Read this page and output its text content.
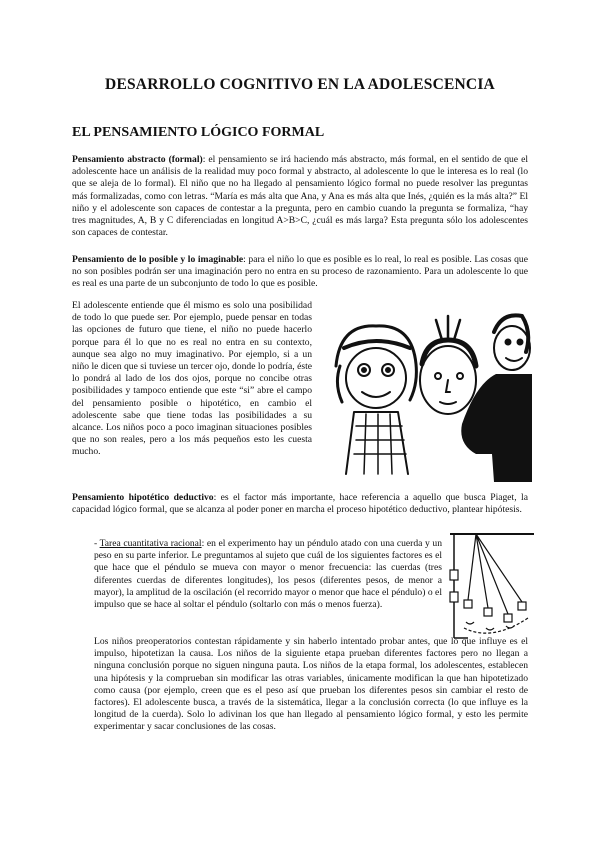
DESARROLLO COGNITIVO EN LA ADOLESCENCIA
EL PENSAMIENTO LÓGICO FORMAL

Pensamiento abstracto (formal): el pensamiento se irá haciendo más abstracto, más formal, en el sentido de que el adolescente hace un análisis de la realidad muy poco formal y abstracto, al adolescente lo que le interesa es lo real (lo que se aleja de lo formal). El niño que no ha llegado al pensamiento lógico formal no puede resolver las preguntas más formalizadas, como con letras. “María es más alta que Ana, y Ana es más alta que Inés, ¿quién es la más alta?” El niño y el adolescente son capaces de contestar a la pregunta, pero en cambio cuando la pregunta se formaliza, “hay tres magnitudes, A, B y C diferenciadas en longitud A>B>C, ¿cuál es más larga? Esta pregunta sólo los adolescentes son capaces de contestar.

Pensamiento de lo posible y lo imaginable: para el niño lo que es posible es lo real, lo real es posible. Las cosas que no son posibles podrán ser una imaginación pero no entra en su proceso de razonamiento. Para un adolescente lo que es real es una parte de un subconjunto de todo lo que es posible.

El adolescente entiende que él mismo es solo una posibilidad de todo lo que puede ser. Por ejemplo, puede pensar en todas las opciones de futuro que tiene, el niño no puede hacerlo porque para él lo que no es real no entra en su contexto, aunque sea algo no muy imaginativo. Por ejemplo, si a un niño le dicen que si tuviese un tercer ojo, donde lo podría, éste lo pondrá al lado de los dos ojos, porque no concibe otras posibilidades y tampoco entiende que este “si” abre el campo del pensamiento posible o hipotético, en cambio el adolescente sabe que tiene todas las posibilidades a su alcance. Los niños poco a poco imaginan situaciones posibles que no son reales, pero a los más pequeños esto les cuesta mucho.

Pensamiento hipotético deductivo: es el factor más importante, hace referencia a aquello que busca Piaget, la capacidad lógico formal, que se alcanza al poder poner en marcha el proceso hipotético deductivo, plantear hipótesis.

- Tarea cuantitativa racional: en el experimento hay un péndulo atado con una cuerda y un peso en su parte inferior. Le preguntamos al sujeto que cuál de los siguientes factores es el que hace que el péndulo se mueva con mayor o menor frecuencia: las cuerdas (tres diferentes cuerdas de diferentes longitudes), los pesos (diferentes pesos, de menor a mayor), la amplitud de la oscilación (el recorrido mayor o menor que hace el péndulo) o el impulso que se hace al soltar el péndulo (soltarlo con más o menos fuerza).

Los niños preoperatorios contestan rápidamente y sin haberlo intentado probar antes, que lo que influye es el impulso, hipotetizan la causa. Los niños de la siguiente etapa prueban diferentes factores pero no llegan a ninguna conclusión porque no siguen ninguna pauta. Los niños de la etapa formal, los adolescentes, establecen una hipótesis y la comprueban sin modificar las otras variables, únicamente modifican la que han hipotetizado como causa (por ejemplo, creen que es el peso así que prueban los diferentes pesos sin cambiar el resto de factores). El adolescente busca, a través de la sistemática, llegar a la conclusión correcta (lo que influye es la longitud de la cuerda). Solo lo adivinan los que han llegado al pensamiento lógico formal, y esto les permite experimentar y sacar conclusiones de las cosas.
